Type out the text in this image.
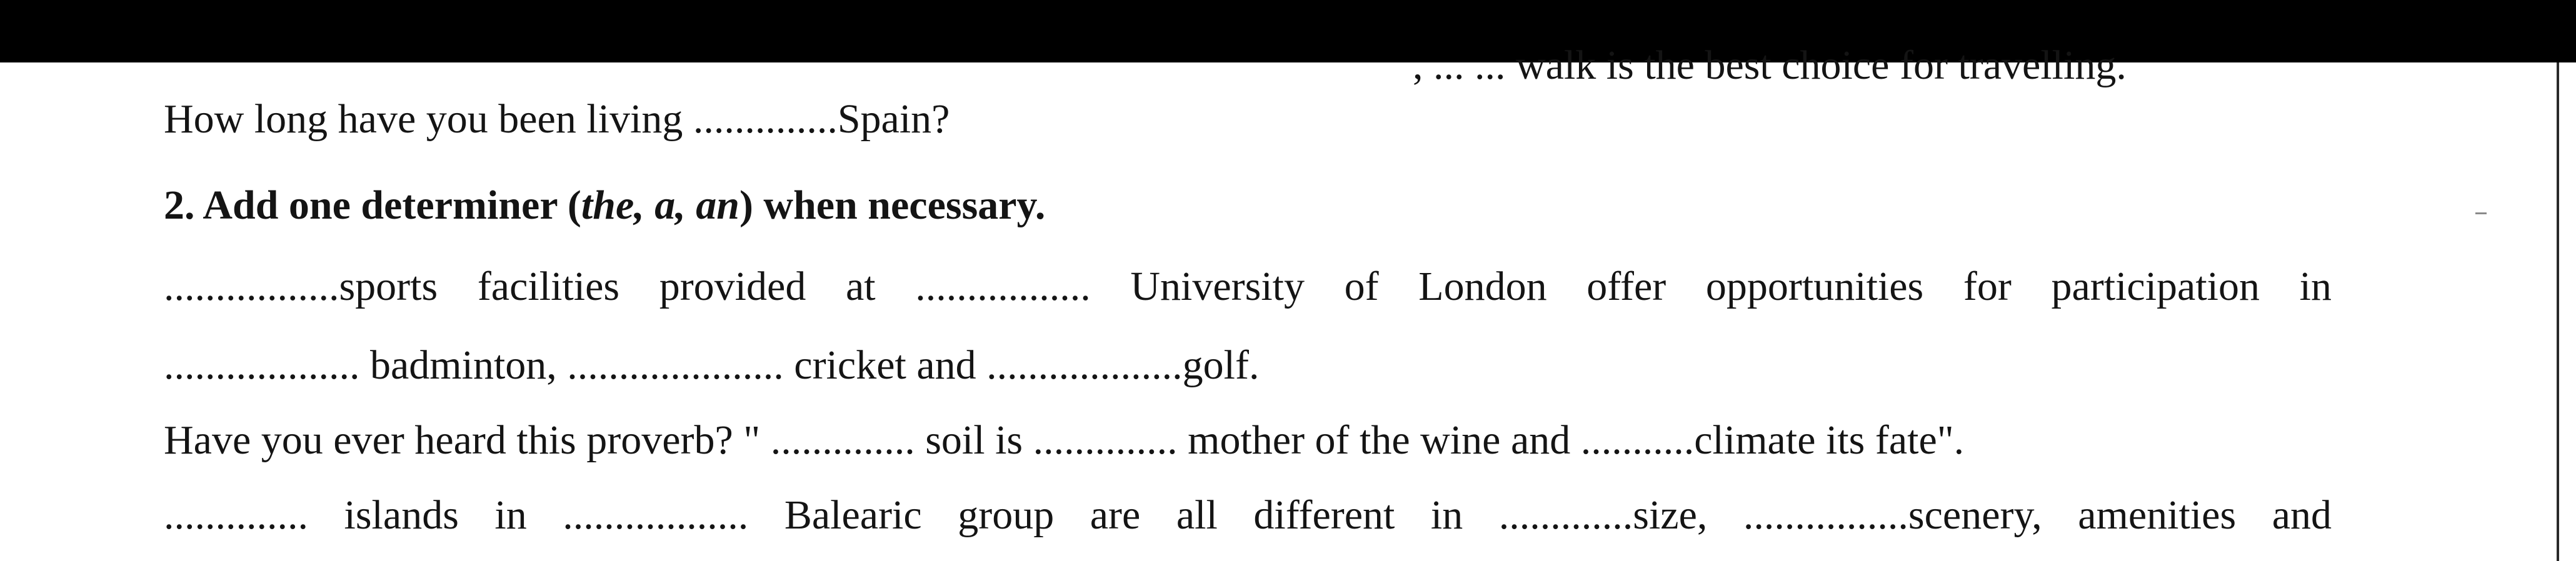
, ... ... walk is the best choice for travelling.

How long have you been living ..............Spain?

2. Add one determiner (the, a, an) when necessary.

.................sports facilities provided at ................. University of London offer opportunities for participation in

................... badminton, ..................... cricket and ...................golf.

Have you ever heard this proverb? " .............. soil is .............. mother of the wine and ...........climate its fate".

.............. islands in .................. Balearic group are all different in .............size, ................scenery, amenities and
